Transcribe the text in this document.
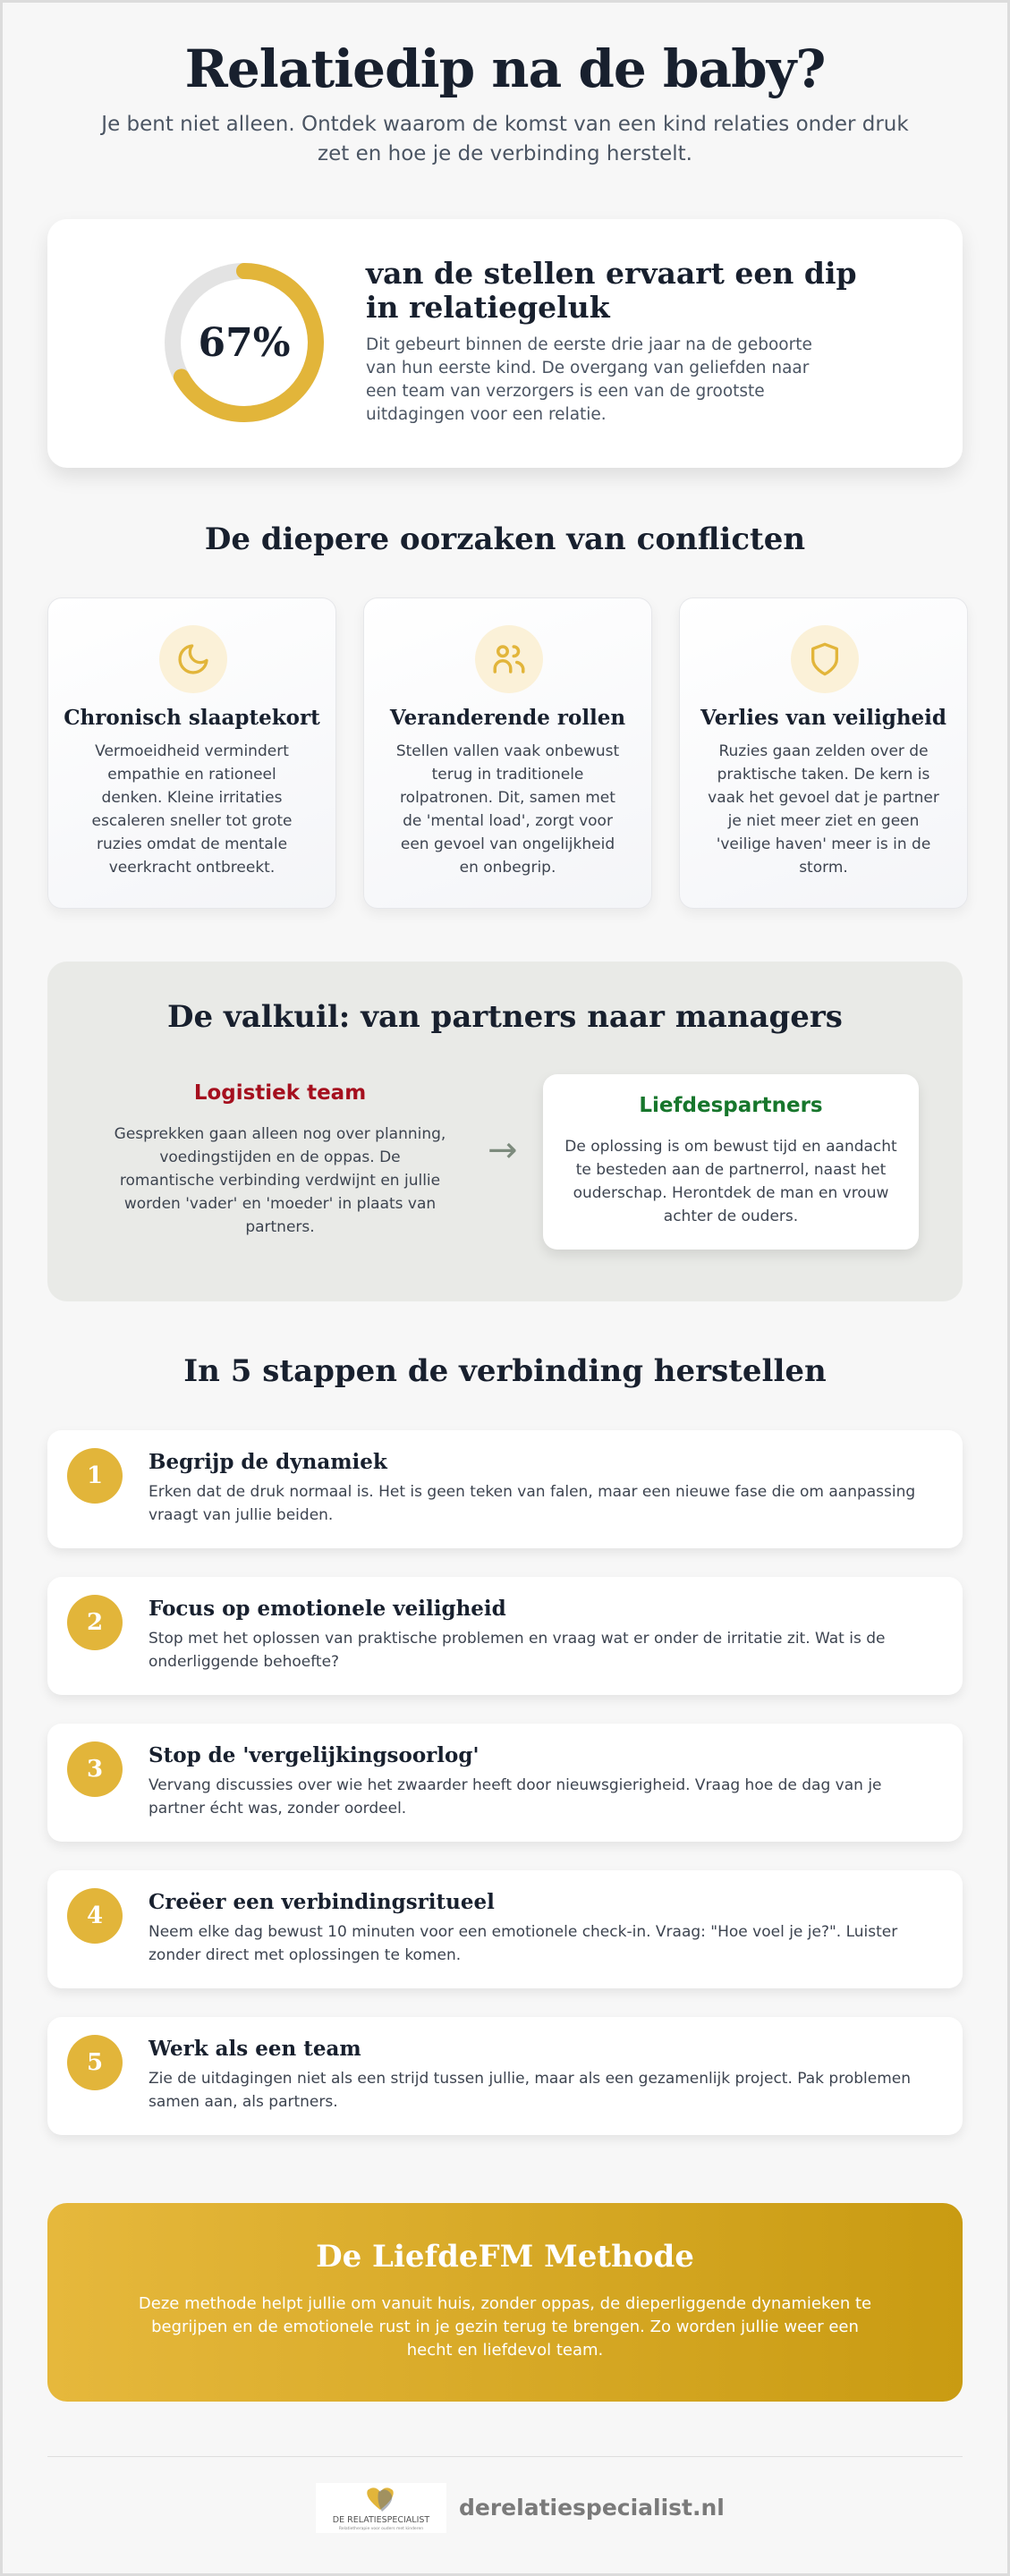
Relatiedip na de baby?

Je bent niet alleen. Ontdek waarom de komst van een kind relaties onder druk zet en hoe je de verbinding herstelt.

67%
van de stellen ervaart een dip in relatiegeluk

Dit gebeurt binnen de eerste drie jaar na de geboorte van hun eerste kind. De overgang van geliefden naar een team van verzorgers is een van de grootste uitdagingen voor een relatie.

De diepere oorzaken van conflicten
Chronisch slaaptekort

Vermoeidheid vermindert empathie en rationeel denken. Kleine irritaties escaleren sneller tot grote ruzies omdat de mentale veerkracht ontbreekt.

Veranderende rollen

Stellen vallen vaak onbewust terug in traditionele rolpatronen. Dit, samen met de 'mental load', zorgt voor een gevoel van ongelijkheid en onbegrip.

Verlies van veiligheid

Ruzies gaan zelden over de praktische taken. De kern is vaak het gevoel dat je partner je niet meer ziet en geen 'veilige haven' meer is in de storm.

De valkuil: van partners naar managers
Logistiek team

Gesprekken gaan alleen nog over planning, voedingstijden en de oppas. De romantische verbinding verdwijnt en jullie worden 'vader' en 'moeder' in plaats van partners.

→
Liefdespartners

De oplossing is om bewust tijd en aandacht te besteden aan de partnerrol, naast het ouderschap. Herontdek de man en vrouw achter de ouders.

In 5 stappen de verbinding herstellen
1
Begrijp de dynamiek

Erken dat de druk normaal is. Het is geen teken van falen, maar een nieuwe fase die om aanpassing vraagt van jullie beiden.

2
Focus op emotionele veiligheid

Stop met het oplossen van praktische problemen en vraag wat er onder de irritatie zit. Wat is de onderliggende behoefte?

3
Stop de 'vergelijkingsoorlog'

Vervang discussies over wie het zwaarder heeft door nieuwsgierigheid. Vraag hoe de dag van je partner écht was, zonder oordeel.

4
Creëer een verbindingsritueel

Neem elke dag bewust 10 minuten voor een emotionele check-in. Vraag: "Hoe voel je je?". Luister zonder direct met oplossingen te komen.

5
Werk als een team

Zie de uitdagingen niet als een strijd tussen jullie, maar als een gezamenlijk project. Pak problemen samen aan, als partners.

De LiefdeFM Methode

Deze methode helpt jullie om vanuit huis, zonder oppas, de dieperliggende dynamieken te begrijpen en de emotionele rust in je gezin terug te brengen. Zo worden jullie weer een hecht en liefdevol team.

DE RELATIESPECIALIST
Relatietherapie voor ouders met kinderen
derelatiespecialist.nl
